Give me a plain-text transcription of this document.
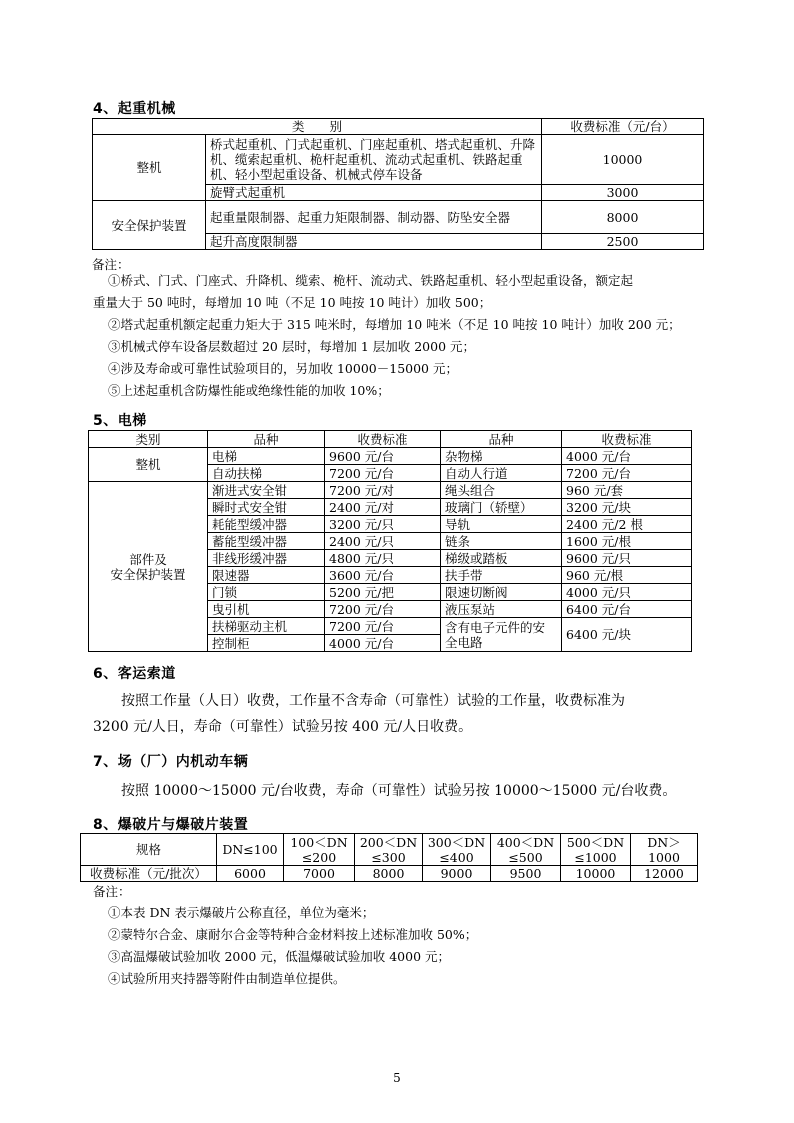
4、起重机械
类　　别		收费标准（元/台）
整机	桥式起重机、门式起重机、门座起重机、塔式起重机、升降机、缆索起重机、桅杆起重机、流动式起重机、铁路起重机、轻小型起重设备、机械式停车设备	10000
	旋臂式起重机	3000
安全保护装置	起重量限制器、起重力矩限制器、制动器、防坠安全器	8000
	起升高度限制器	2500
备注：
①桥式、门式、门座式、升降机、缆索、桅杆、流动式、铁路起重机、轻小型起重设备，额定起
重量大于 50 吨时，每增加 10 吨（不足 10 吨按 10 吨计）加收 500；
②塔式起重机额定起重力矩大于 315 吨米时，每增加 10 吨米（不足 10 吨按 10 吨计）加收 200 元；
③机械式停车设备层数超过 20 层时，每增加 1 层加收 2000 元；
④涉及寿命或可靠性试验项目的，另加收 10000－15000 元；
⑤上述起重机含防爆性能或绝缘性能的加收 10%；
5、电梯
类别	品种	收费标准	品种	收费标准
整机	电梯	9600 元/台	杂物梯	4000 元/台
	自动扶梯	7200 元/台	自动人行道	7200 元/台
部件及
安全保护装置	渐进式安全钳	7200 元/对	绳头组合	960 元/套
	瞬时式安全钳	2400 元/对	玻璃门（轿壁）	3200 元/块
	耗能型缓冲器	3200 元/只	导轨	2400 元/2 根
	蓄能型缓冲器	2400 元/只	链条	1600 元/根
	非线形缓冲器	4800 元/只	梯级或踏板	9600 元/只
	限速器	3600 元/台	扶手带	960 元/根
	门锁	5200 元/把	限速切断阀	4000 元/只
	曳引机	7200 元/台	液压泵站	6400 元/台
	扶梯驱动主机	7200 元/台	含有电子元件的安全电路	6400 元/块
	控制柜	4000 元/台		
6、客运索道
按照工作量（人日）收费，工作量不含寿命（可靠性）试验的工作量，收费标准为
3200 元/人日，寿命（可靠性）试验另按 400 元/人日收费。
7、场（厂）内机动车辆
按照 10000～15000 元/台收费，寿命（可靠性）试验另按 10000～15000 元/台收费。
8、爆破片与爆破片装置
规格	DN≤100	100＜DN ≤200	200＜DN ≤300	300＜DN ≤400	400＜DN ≤500	500＜DN ≤1000	DN＞ 1000
收费标准（元/批次）	6000	7000	8000	9000	9500	10000	12000
备注：
①本表 DN 表示爆破片公称直径，单位为毫米；
②蒙特尔合金、康耐尔合金等特种合金材料按上述标准加收 50%；
③高温爆破试验加收 2000 元，低温爆破试验加收 4000 元；
④试验所用夹持器等附件由制造单位提供。
5
